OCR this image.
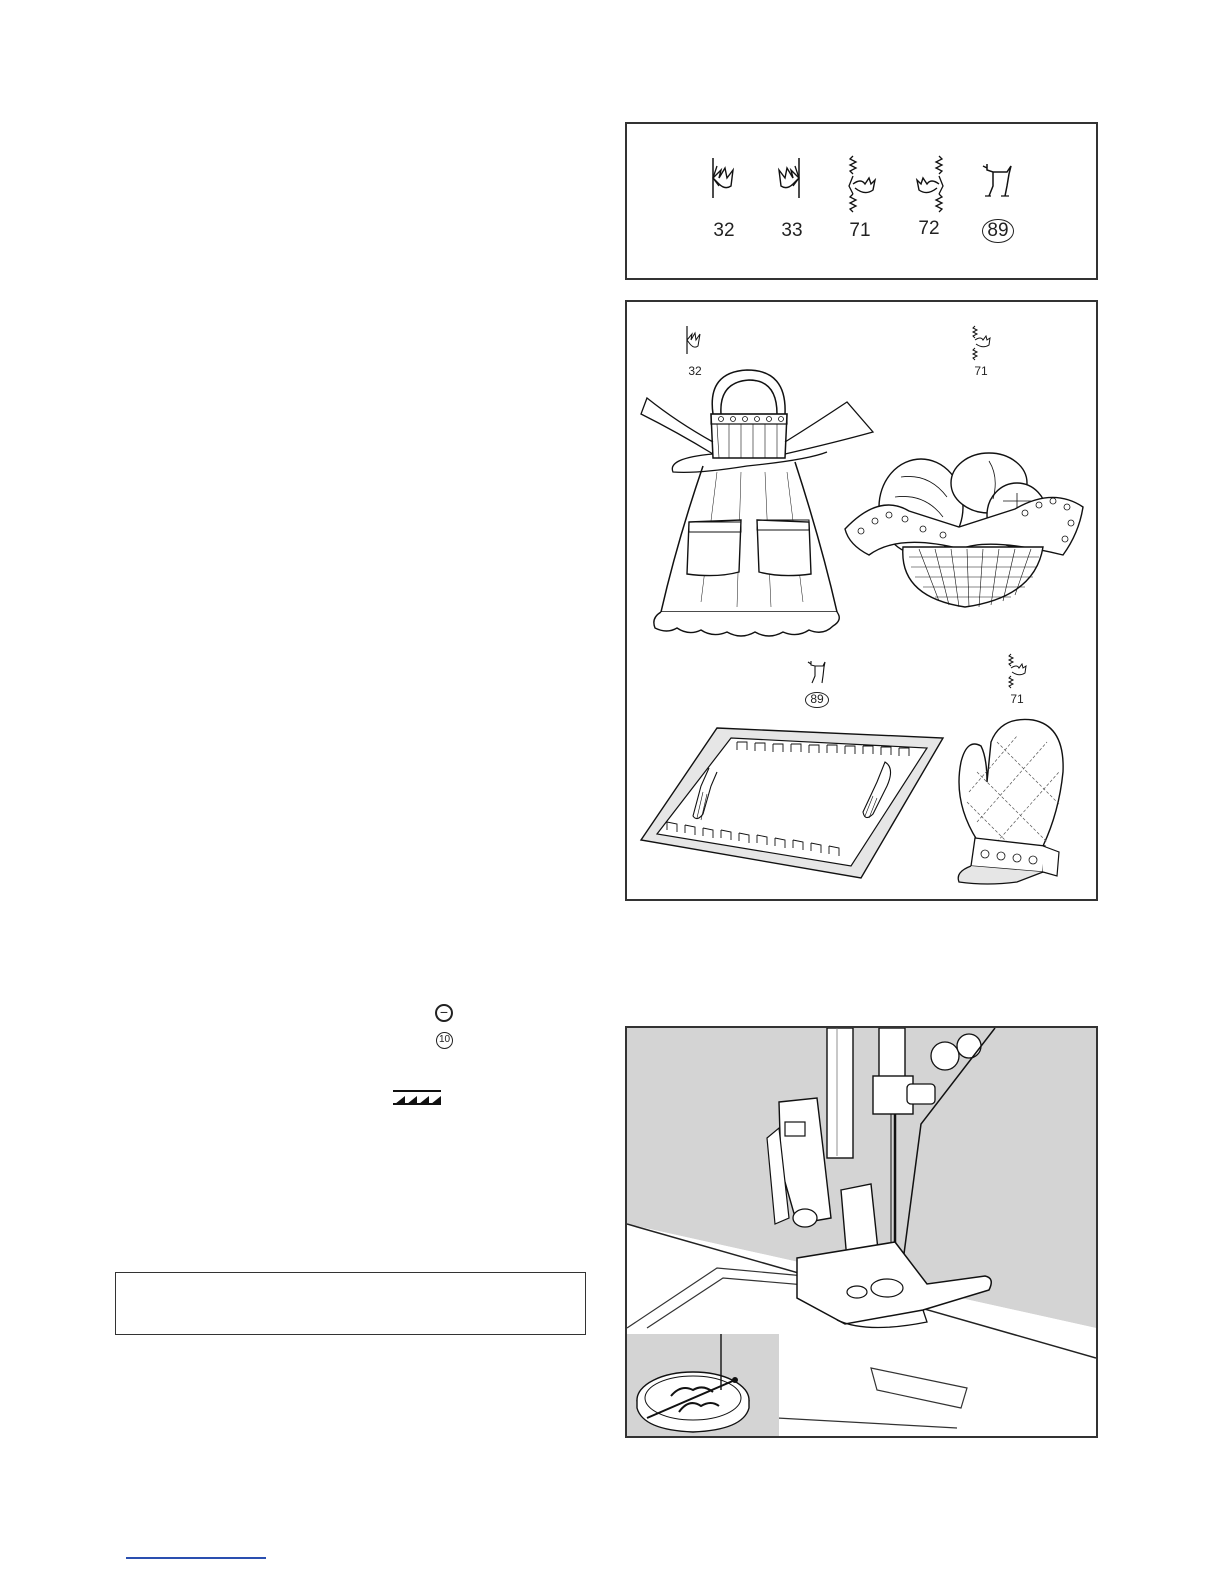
32	33	71	72	89
32	71
89	71
−
10
